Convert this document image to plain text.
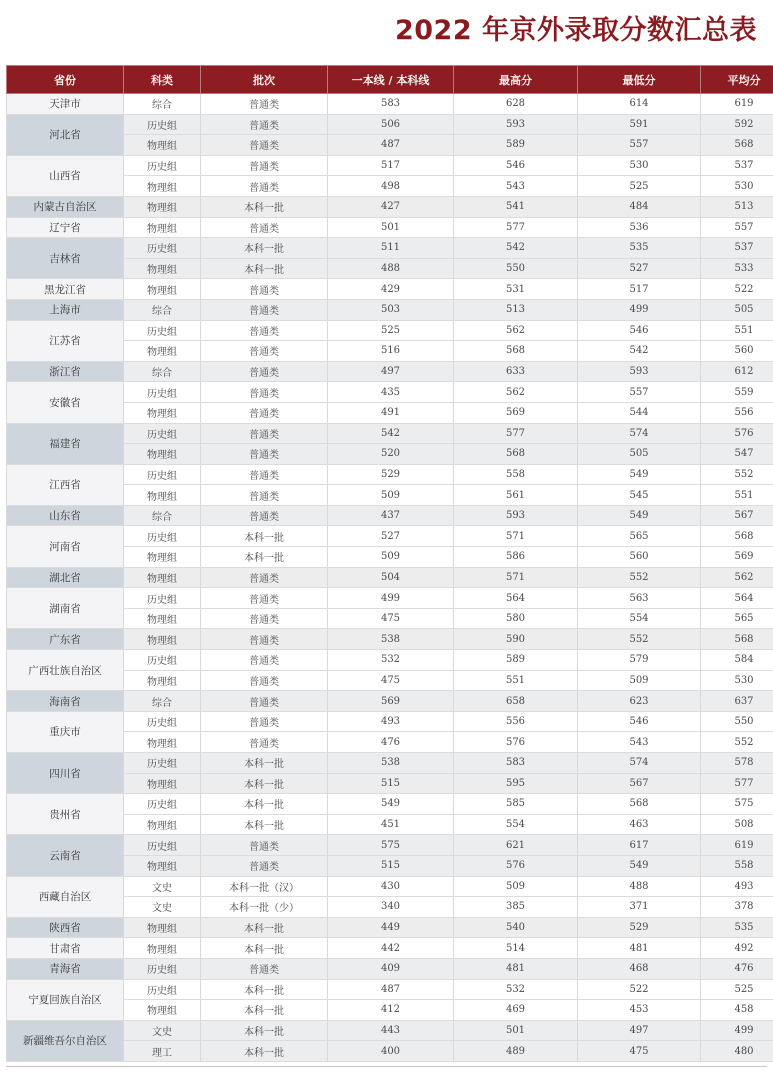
2022 年京外录取分数汇总表
省份	科类	批次	一本线 / 本科线	最高分	最低分	平均分
天津市	综合	普通类	583	628	614	619
河北省	历史组	普通类	506	593	591	592
	物理组	普通类	487	589	557	568
山西省	历史组	普通类	517	546	530	537
	物理组	普通类	498	543	525	530
内蒙古自治区	物理组	本科一批	427	541	484	513
辽宁省	物理组	普通类	501	577	536	557
吉林省	历史组	本科一批	511	542	535	537
	物理组	本科一批	488	550	527	533
黑龙江省	物理组	普通类	429	531	517	522
上海市	综合	普通类	503	513	499	505
江苏省	历史组	普通类	525	562	546	551
	物理组	普通类	516	568	542	560
浙江省	综合	普通类	497	633	593	612
安徽省	历史组	普通类	435	562	557	559
	物理组	普通类	491	569	544	556
福建省	历史组	普通类	542	577	574	576
	物理组	普通类	520	568	505	547
江西省	历史组	普通类	529	558	549	552
	物理组	普通类	509	561	545	551
山东省	综合	普通类	437	593	549	567
河南省	历史组	本科一批	527	571	565	568
	物理组	本科一批	509	586	560	569
湖北省	物理组	普通类	504	571	552	562
湖南省	历史组	普通类	499	564	563	564
	物理组	普通类	475	580	554	565
广东省	物理组	普通类	538	590	552	568
广西壮族自治区	历史组	普通类	532	589	579	584
	物理组	普通类	475	551	509	530
海南省	综合	普通类	569	658	623	637
重庆市	历史组	普通类	493	556	546	550
	物理组	普通类	476	576	543	552
四川省	历史组	本科一批	538	583	574	578
	物理组	本科一批	515	595	567	577
贵州省	历史组	本科一批	549	585	568	575
	物理组	本科一批	451	554	463	508
云南省	历史组	普通类	575	621	617	619
	物理组	普通类	515	576	549	558
西藏自治区	文史	本科一批（汉）	430	509	488	493
	文史	本科一批（少）	340	385	371	378
陕西省	物理组	本科一批	449	540	529	535
甘肃省	物理组	本科一批	442	514	481	492
青海省	历史组	普通类	409	481	468	476
宁夏回族自治区	历史组	本科一批	487	532	522	525
	物理组	本科一批	412	469	453	458
新疆维吾尔自治区	文史	本科一批	443	501	497	499
	理工	本科一批	400	489	475	480
